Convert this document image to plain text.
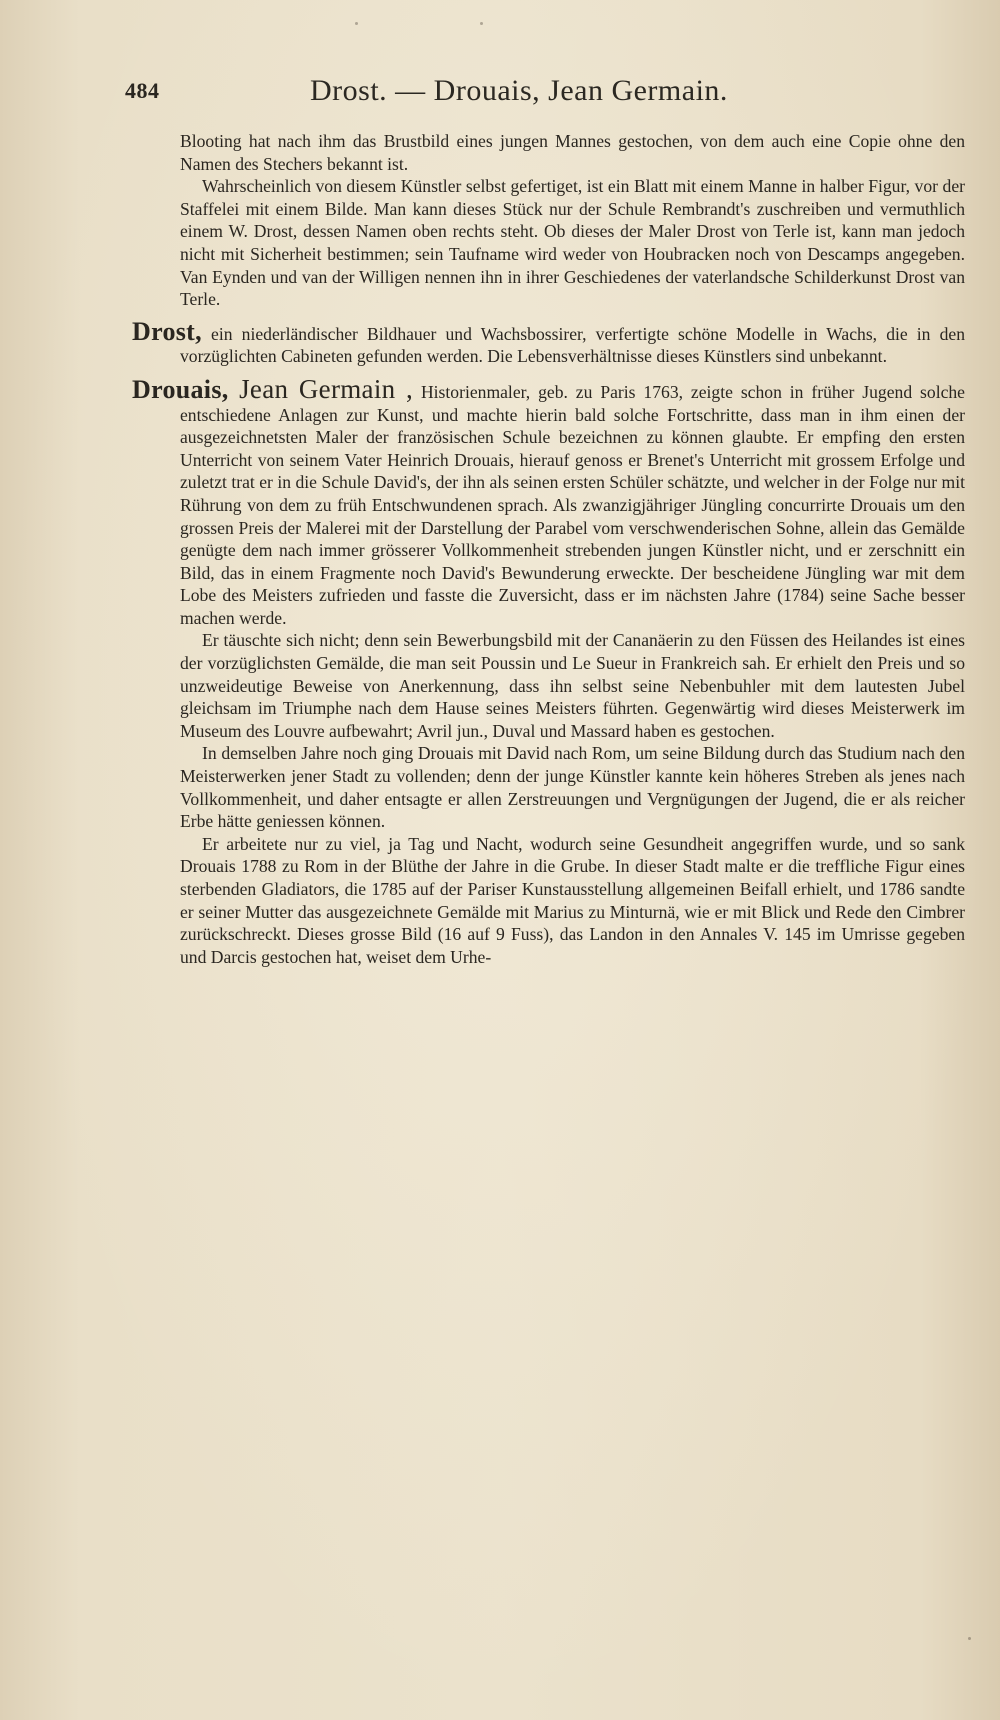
484	Drost. — Drouais, Jean Germain.

Blooting hat nach ihm das Brustbild eines jungen Mannes gestochen, von dem auch eine Copie ohne den Namen des Stechers bekannt ist.

Wahrscheinlich von diesem Künstler selbst gefertiget, ist ein Blatt mit einem Manne in halber Figur, vor der Staffelei mit einem Bilde. Man kann dieses Stück nur der Schule Rembrandt's zuschreiben und vermuthlich einem W. Drost, dessen Namen oben rechts steht. Ob dieses der Maler Drost von Terle ist, kann man jedoch nicht mit Sicherheit bestimmen; sein Taufname wird weder von Houbracken noch von Descamps angegeben. Van Eynden und van der Willigen nennen ihn in ihrer Geschiedenes der vaterlandsche Schilderkunst Drost van Terle.

Drost, ein niederländischer Bildhauer und Wachsbossirer, verfertigte schöne Modelle in Wachs, die in den vorzüglichten Cabineten gefunden werden. Die Lebensverhältnisse dieses Künstlers sind unbekannt.

Drouais, Jean Germain , Historienmaler, geb. zu Paris 1763, zeigte schon in früher Jugend solche entschiedene Anlagen zur Kunst, und machte hierin bald solche Fortschritte, dass man in ihm einen der ausgezeichnetsten Maler der französischen Schule bezeichnen zu können glaubte. Er empfing den ersten Unterricht von seinem Vater Heinrich Drouais, hierauf genoss er Brenet's Unterricht mit grossem Erfolge und zuletzt trat er in die Schule David's, der ihn als seinen ersten Schüler schätzte, und welcher in der Folge nur mit Rührung von dem zu früh Entschwundenen sprach. Als zwanzigjähriger Jüngling concurrirte Drouais um den grossen Preis der Malerei mit der Darstellung der Parabel vom verschwenderischen Sohne, allein das Gemälde genügte dem nach immer grösserer Vollkommenheit strebenden jungen Künstler nicht, und er zerschnitt ein Bild, das in einem Fragmente noch David's Bewunderung erweckte. Der bescheidene Jüngling war mit dem Lobe des Meisters zufrieden und fasste die Zuversicht, dass er im nächsten Jahre (1784) seine Sache besser machen werde.

Er täuschte sich nicht; denn sein Bewerbungsbild mit der Cananäerin zu den Füssen des Heilandes ist eines der vorzüglichsten Gemälde, die man seit Poussin und Le Sueur in Frankreich sah. Er erhielt den Preis und so unzweideutige Beweise von Anerkennung, dass ihn selbst seine Nebenbuhler mit dem lautesten Jubel gleichsam im Triumphe nach dem Hause seines Meisters führten. Gegenwärtig wird dieses Meisterwerk im Museum des Louvre aufbewahrt; Avril jun., Duval und Massard haben es gestochen.

In demselben Jahre noch ging Drouais mit David nach Rom, um seine Bildung durch das Studium nach den Meisterwerken jener Stadt zu vollenden; denn der junge Künstler kannte kein höheres Streben als jenes nach Vollkommenheit, und daher entsagte er allen Zerstreuungen und Vergnügungen der Jugend, die er als reicher Erbe hätte geniessen können.

Er arbeitete nur zu viel, ja Tag und Nacht, wodurch seine Gesundheit angegriffen wurde, und so sank Drouais 1788 zu Rom in der Blüthe der Jahre in die Grube. In dieser Stadt malte er die treffliche Figur eines sterbenden Gladiators, die 1785 auf der Pariser Kunstausstellung allgemeinen Beifall erhielt, und 1786 sandte er seiner Mutter das ausgezeichnete Gemälde mit Marius zu Minturnä, wie er mit Blick und Rede den Cimbrer zurückschreckt. Dieses grosse Bild (16 auf 9 Fuss), das Landon in den Annales V. 145 im Umrisse gegeben und Darcis gestochen hat, weiset dem Urhe-
